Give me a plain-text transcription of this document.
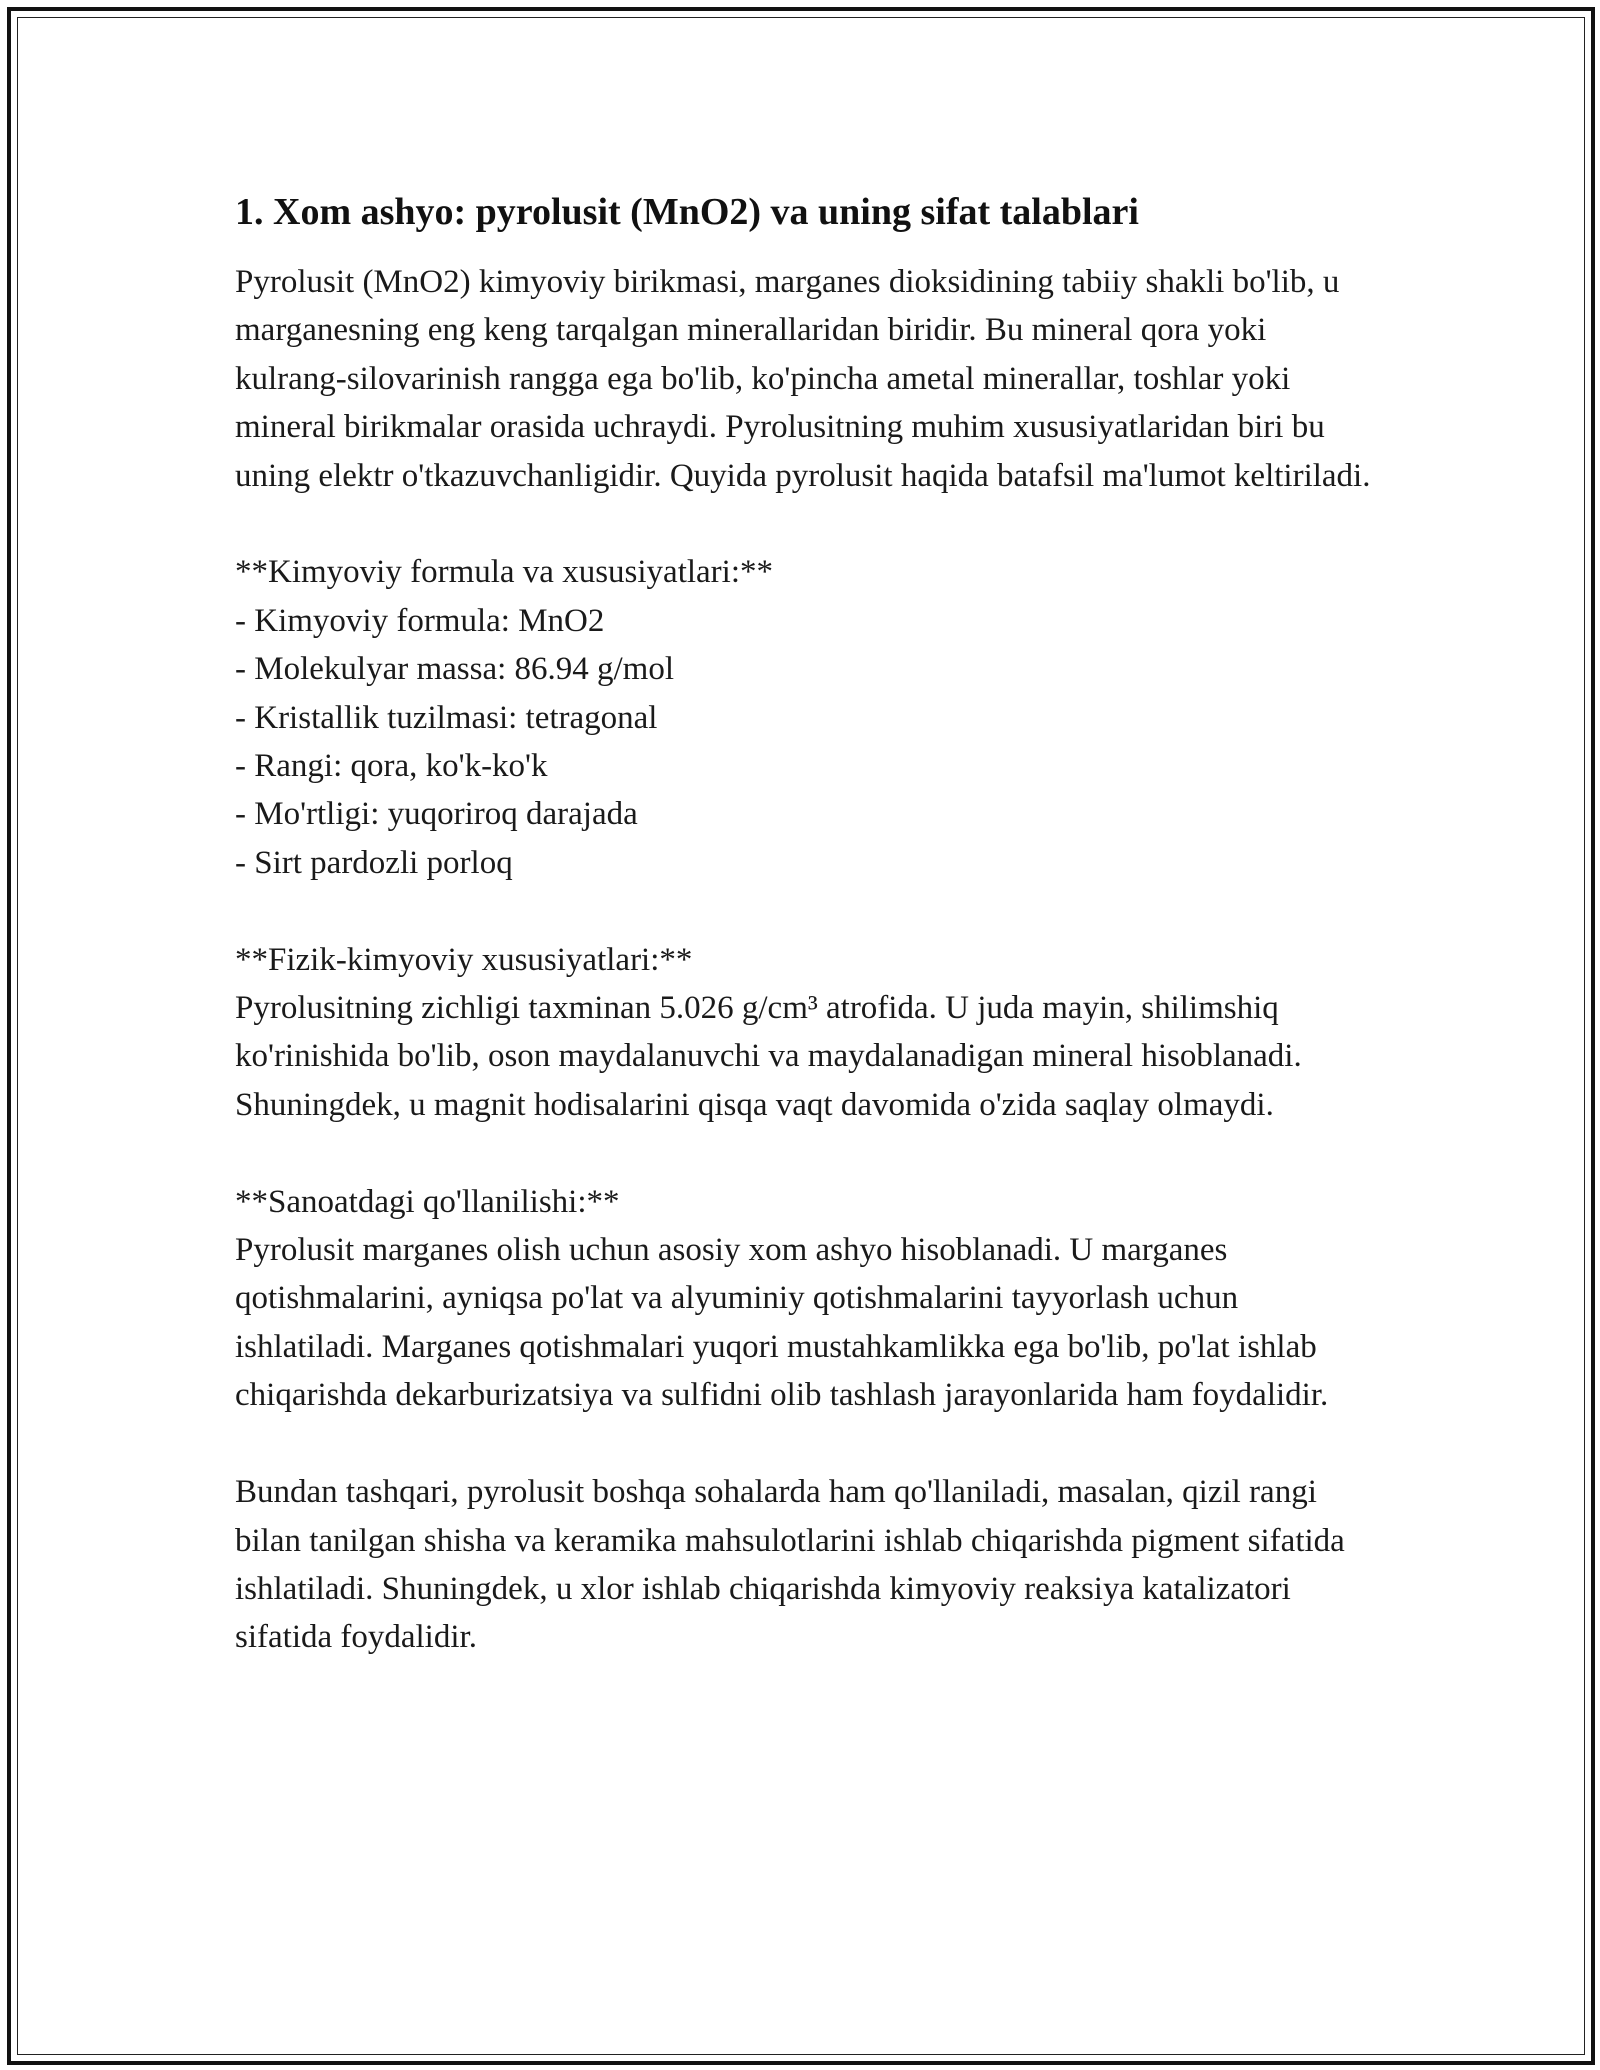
1. Xom ashyo: pyrolusit (MnO2) va uning sifat talablari

Pyrolusit (MnO2) kimyoviy birikmasi, marganes dioksidining tabiiy shakli bo'lib, u marganesning eng keng tarqalgan minerallaridan biridir. Bu mineral qora yoki kulrang-silovarinish rangga ega bo'lib, ko'pincha ametal minerallar, toshlar yoki mineral birikmalar orasida uchraydi. Pyrolusitning muhim xususiyatlaridan biri bu uning elektr o'tkazuvchanligidir. Quyida pyrolusit haqida batafsil ma'lumot keltiriladi.

**Kimyoviy formula va xususiyatlari:**

- Kimyoviy formula: MnO2

- Molekulyar massa: 86.94 g/mol

- Kristallik tuzilmasi: tetragonal

- Rangi: qora, ko'k-ko'k

- Mo'rtligi: yuqoriroq darajada

- Sirt pardozli porloq

**Fizik-kimyoviy xususiyatlari:**

Pyrolusitning zichligi taxminan 5.026 g/cm³ atrofida. U juda mayin, shilimshiq ko'rinishida bo'lib, oson maydalanuvchi va maydalanadigan mineral hisoblanadi. Shuningdek, u magnit hodisalarini qisqa vaqt davomida o'zida saqlay olmaydi.

**Sanoatdagi qo'llanilishi:**

Pyrolusit marganes olish uchun asosiy xom ashyo hisoblanadi. U marganes qotishmalarini, ayniqsa po'lat va alyuminiy qotishmalarini tayyorlash uchun ishlatiladi. Marganes qotishmalari yuqori mustahkamlikka ega bo'lib, po'lat ishlab chiqarishda dekarburizatsiya va sulfidni olib tashlash jarayonlarida ham foydalidir.

Bundan tashqari, pyrolusit boshqa sohalarda ham qo'llaniladi, masalan, qizil rangi bilan tanilgan shisha va keramika mahsulotlarini ishlab chiqarishda pigment sifatida ishlatiladi. Shuningdek, u xlor ishlab chiqarishda kimyoviy reaksiya katalizatori sifatida foydalidir.
